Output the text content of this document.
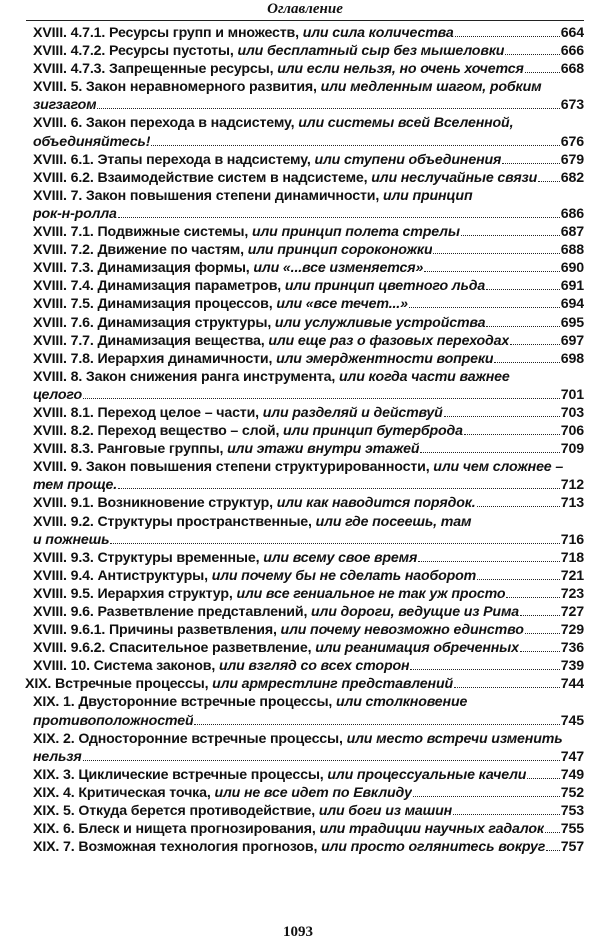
Оглавление
XVIII. 4.7.1. Ресурсы групп и множеств, или сила количества	664
XVIII. 4.7.2. Ресурсы пустоты, или бесплатный сыр без мышеловки	666
XVIII. 4.7.3. Запрещенные ресурсы, или если нельзя, но очень хочется	668
XVIII. 5. Закон неравномерного развития, или медленным шагом, робким
зигзагом	673
XVIII. 6. Закон перехода в надсистему, или системы всей Вселенной,
объединяйтесь!	676
XVIII. 6.1. Этапы перехода в надсистему, или ступени объединения	679
XVIII. 6.2. Взаимодействие систем в надсистеме, или неслучайные связи 682
XVIII. 7. Закон повышения степени динамичности, или принцип
рок-н-ролла	686
XVIII. 7.1. Подвижные системы, или принцип полета стрелы	687
XVIII. 7.2. Движение по частям, или принцип сороконожки	688
XVIII. 7.3. Динамизация формы, или «...все изменяется»	690
XVIII. 7.4. Динамизация параметров, или принцип цветного льда	691
XVIII. 7.5. Динамизация процессов, или «все течет...»	694
XVIII. 7.6. Динамизация структуры, или услужливые устройства	695
XVIII. 7.7. Динамизация вещества, или еще раз о фазовых переходах	697
XVIII. 7.8. Иерархия динамичности, или эмерджентности вопреки	698
XVIII. 8. Закон снижения ранга инструмента, или когда части важнее
целого	701
XVIII. 8.1. Переход целое – части, или разделяй и действуй	703
XVIII. 8.2. Переход вещество – слой, или принцип бутерброда	706
XVIII. 8.3. Ранговые группы, или этажи внутри этажей	709
XVIII. 9. Закон повышения степени структурированности, или чем сложнее –
тем проще.	712
XVIII. 9.1. Возникновение структур, или как наводится порядок.	713
XVIII. 9.2. Структуры пространственные, или где посеешь, там
и пожнешь	716
XVIII. 9.3. Структуры временные, или всему свое время	718
XVIII. 9.4. Антиструктуры, или почему бы не сделать наоборот	721
XVIII. 9.5. Иерархия структур, или все гениальное не так уж просто	723
XVIII. 9.6. Разветвление представлений, или дороги, ведущие из Рима	727
XVIII. 9.6.1. Причины разветвления, или почему невозможно единство	729
XVIII. 9.6.2. Спасительное разветвление, или реанимация обреченных	736
XVIII. 10. Система законов, или взгляд со всех сторон	739
XIX. Встречные процессы, или армрестлинг представлений	744
XIX. 1. Двусторонние встречные процессы, или столкновение
противоположностей	745
XIX. 2. Односторонние встречные процессы, или место встречи изменить
нельзя	747
XIX. 3. Циклические встречные процессы, или процессуальные качели 749
XIX. 4. Критическая точка, или не все идет по Евклиду	752
XIX. 5. Откуда берется противодействие, или боги из машин	753
XIX. 6. Блеск и нищета прогнозирования, или традиции научных гадалок 755
XIX. 7. Возможная технология прогнозов, или просто оглянитесь вокруг 757
1093
